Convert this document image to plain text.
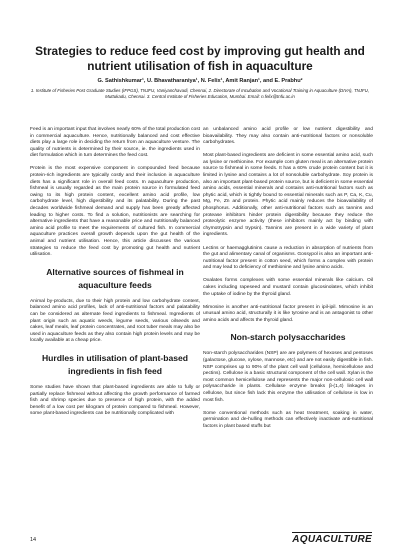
Strategies to reduce feed cost by improving gut health and nutrient utilisation of fish in aquaculture
G. Sathishkumar¹, U. Bhavatharaniya¹, N. Felix¹, Amit Ranjan¹, and E. Prabhu²
1. Institute of Fisheries Post Graduate Studies (IFPGS), TNJFU, Vaniyanchavadi, Chennai, 2. Directorate of Incubation and Vocational Training in Aquaculture (DIVA), TNJFU, Muttukadu, Chennai. 3. Central Institute of Fisheries Education, Mumbai. Email: n.felix@tnfu.ac.in

Feed is an important input that involves nearly 60% of the total production cost in commercial aquaculture. Hence, nutritionally balanced and cost effective diets play a large role in deciding the return from an aquaculture venture. The quality of nutrients is determined by their source, ie. the ingredients used in diet formulation which in turn determines the feed cost.

Protein is the most expensive component in compounded feed because protein-rich ingredients are typically costly and their inclusion in aquaculture diets has a significant role in overall feed costs. In aquaculture production, fishmeal is usually regarded as the main protein source in formulated feed owing to its high protein content, excellent amino acid profile, low carbohydrate level, high digestibility and its palatability. During the past decades worldwide fishmeal demand and supply has been greatly affected leading to higher costs. To find a solution, nutritionists are searching for alternative ingredients that have a reasonable price and nutritionally balanced amino acid profile to meet the requirements of cultured fish. In commercial aquaculture practices overall growth depends upon the gut health of the animal and nutrient utilisation. Hence, this article discusses the various strategies to reduce the feed cost by promoting gut health and nutrient utilisation.

Alternative sources of fishmeal in aquaculture feeds

Animal by-products, due to their high protein and low carbohydrate content, balanced amino acid profiles, lack of anti-nutritional factors and palatability can be considered as alternate feed ingredients to fishmeal. Ingredients of plant origin such as aquatic weeds, legume seeds, various oilseeds and cakes, leaf meals, leaf protein concentrates, and root tuber meals may also be used in aquaculture feeds as they also contain high protein levels and may be locally available at a cheap price.

Hurdles in utilisation of plant-based ingredients in fish feed

Some studies have shown that plant-based ingredients are able to fully or partially replace fishmeal without affecting the growth performance of farmed fish and shrimp species due to presence of high protein, with the added benefit of a low cost per kilogram of protein compared to fishmeal. However, some plant-based ingredients can be nutritionally complicated with

an unbalanced amino acid profile or low nutrient digestibility and bioavailability. They may also contain anti-nutritional factors or nonsoluble carbohydrates.

Most plant-based ingredients are deficient in some essential amino acid, such as lysine or methionine. For example corn gluten meal is an alternative protein source to fishmeal in some feeds. It has a 60% crude protein content but it is limited in lysine and contains a lot of nonsoluble carbohydrate. Soy protein is also an important plant-based protein source, but is deficient in some essential amino acids, essential minerals and contains anti-nutritional factors such as phytic acid, which is tightly bound to essential minerals such as P, Ca, K, Cu, Mg, Fe, Zn and protein. Phytic acid mainly reduces the bioavailability of phosphorus. Additionally, other anti-nutritional factors such as tannins and protease inhibitors hinder protein digestibility because they reduce the proteolytic enzyme activity (these inhibitors mainly act by binding with chymotrypsin and trypsin). Tannins are present in a wide variety of plant ingredients.

Lectins or haemagglutinins cause a reduction in absorption of nutrients from the gut and alimentary canal of organisms. Gossypol is also an important anti-nutritional factor present in cotton seed, which forms a complex with protein and may lead to deficiency of methionine and lysine amino acids.

Oxalates forms complexes with some essential minerals like calcium. Oil cakes including rapeseed and mustard contain glucosinolates, which inhibit the uptake of iodine by the thyroid gland.

Mimosine is another anti-nutritional factor present in ipil-ipil. Mimosine is an unusual amino acid, structurally it is like tyrosine and is an antagonist to other amino acids and affects the thyroid gland.

Non-starch polysaccharides

Non-starch polysaccharides (NSP) are are polymers of hexoses and pentoses (galactose, glucose, xylose, mannose, etc) and are not easily digestible in fish. NSP comprises up to 90% of the plant cell wall (cellulose, hemicellulose and pectins). Cellulose is a basic structural component of the cell wall. Xylan is the most common hemicellulose and represents the major non-cellulosic cell wall polysaccharide in plants. Cellulase enzyme breaks β-(1,4) linkages in cellulose, but since fish lack this enzyme the utilisation of cellulose is low in most fish.

Some conventional methods such as heat treatment, soaking in water, germination and de-hulling methods can effectively inactivate anti-nutritional factors in plant based stuffs but

14	AQUACULTURE
